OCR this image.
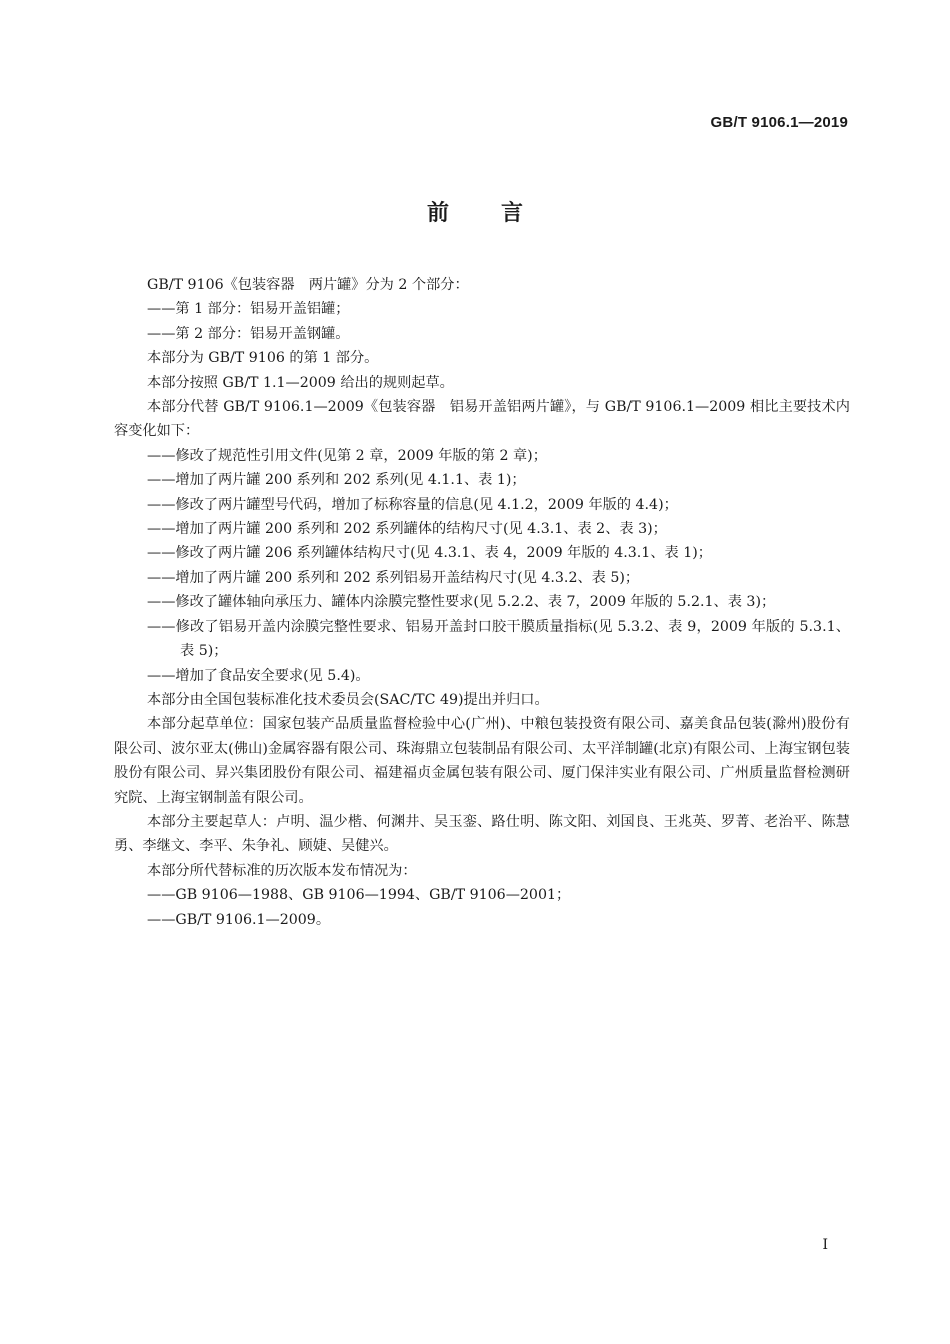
GB/T 9106.1—2019
前言

GB/T 9106《包装容器　两片罐》分为 2 个部分：

——第 1 部分：铝易开盖铝罐；

——第 2 部分：铝易开盖钢罐。

本部分为 GB/T 9106 的第 1 部分。

本部分按照 GB/T 1.1—2009 给出的规则起草。

本部分代替 GB/T 9106.1—2009《包装容器　铝易开盖铝两片罐》，与 GB/T 9106.1—2009 相比主要技术内容变化如下：

——修改了规范性引用文件(见第 2 章，2009 年版的第 2 章)；

——增加了两片罐 200 系列和 202 系列(见 4.1.1、表 1)；

——修改了两片罐型号代码，增加了标称容量的信息(见 4.1.2，2009 年版的 4.4)；

——增加了两片罐 200 系列和 202 系列罐体的结构尺寸(见 4.3.1、表 2、表 3)；

——修改了两片罐 206 系列罐体结构尺寸(见 4.3.1、表 4，2009 年版的 4.3.1、表 1)；

——增加了两片罐 200 系列和 202 系列铝易开盖结构尺寸(见 4.3.2、表 5)；

——修改了罐体轴向承压力、罐体内涂膜完整性要求(见 5.2.2、表 7，2009 年版的 5.2.1、表 3)；

——修改了铝易开盖内涂膜完整性要求、铝易开盖封口胶干膜质量指标(见 5.3.2、表 9，2009 年版的 5.3.1、表 5)；

——增加了食品安全要求(见 5.4)。

本部分由全国包装标准化技术委员会(SAC/TC 49)提出并归口。

本部分起草单位：国家包装产品质量监督检验中心(广州)、中粮包装投资有限公司、嘉美食品包装(滁州)股份有限公司、波尔亚太(佛山)金属容器有限公司、珠海鼎立包装制品有限公司、太平洋制罐(北京)有限公司、上海宝钢包装股份有限公司、昇兴集团股份有限公司、福建福贞金属包装有限公司、厦门保沣实业有限公司、广州质量监督检测研究院、上海宝钢制盖有限公司。

本部分主要起草人：卢明、温少楷、何渊井、吴玉銮、路仕明、陈文阳、刘国良、王兆英、罗菁、老治平、陈慧勇、李继文、李平、朱争礼、顾婕、吴健兴。

本部分所代替标准的历次版本发布情况为：

——GB 9106—1988、GB 9106—1994、GB/T 9106—2001；

——GB/T 9106.1—2009。

I
